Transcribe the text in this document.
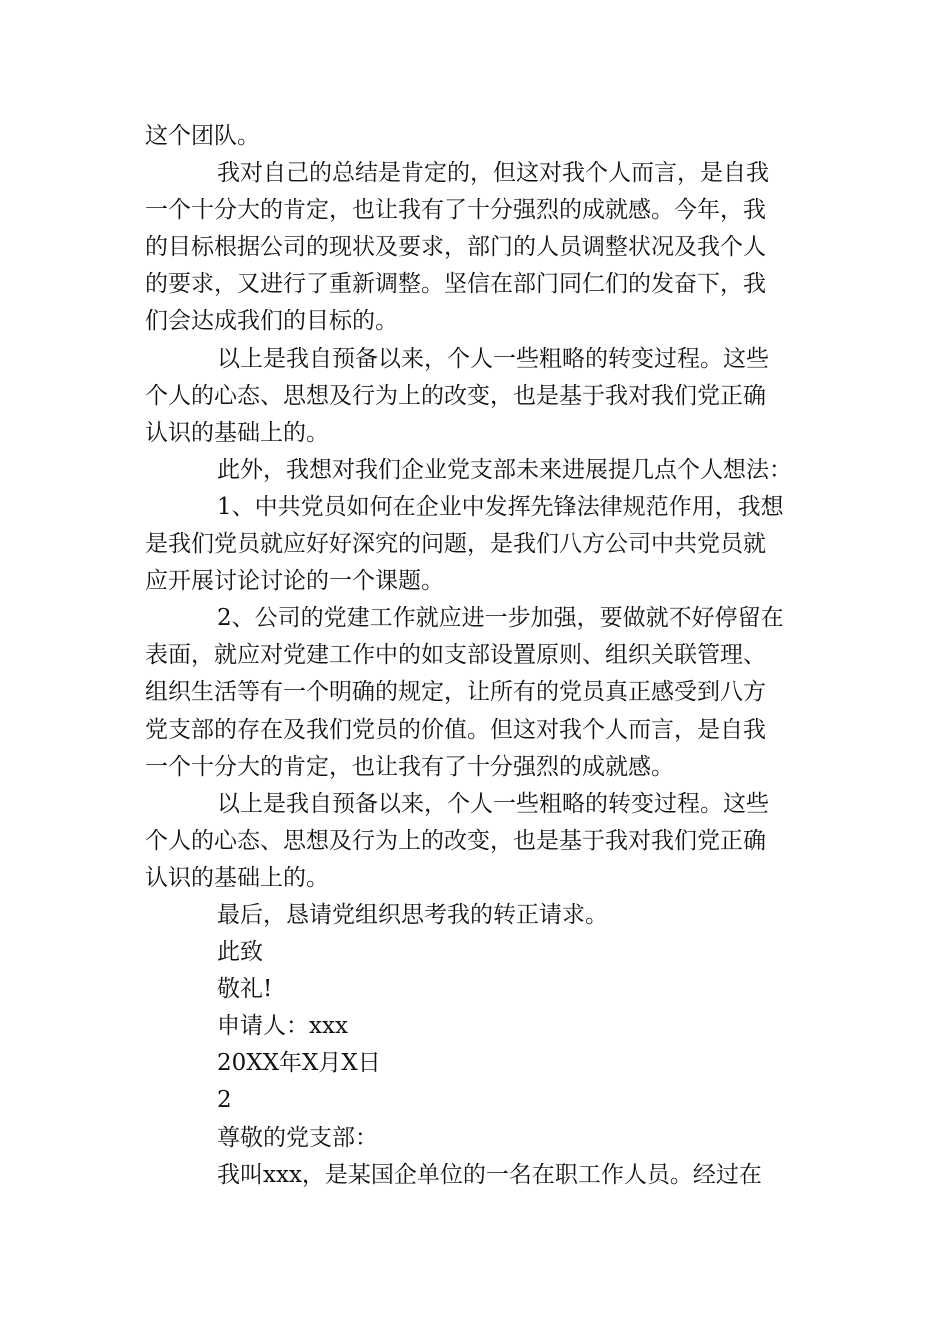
这个团队。
我对自己的总结是肯定的，但这对我个人而言，是自我
一个十分大的肯定，也让我有了十分强烈的成就感。今年，我
的目标根据公司的现状及要求，部门的人员调整状况及我个人
的要求，又进行了重新调整。坚信在部门同仁们的发奋下，我
们会达成我们的目标的。
以上是我自预备以来，个人一些粗略的转变过程。这些
个人的心态、思想及行为上的改变，也是基于我对我们党正确
认识的基础上的。
此外，我想对我们企业党支部未来进展提几点个人想法：
1、中共党员如何在企业中发挥先锋法律规范作用，我想
是我们党员就应好好深究的问题，是我们八方公司中共党员就
应开展讨论讨论的一个课题。
2、公司的党建工作就应进一步加强，要做就不好停留在
表面，就应对党建工作中的如支部设置原则、组织关联管理、
组织生活等有一个明确的规定，让所有的党员真正感受到八方
党支部的存在及我们党员的价值。但这对我个人而言，是自我
一个十分大的肯定，也让我有了十分强烈的成就感。
以上是我自预备以来，个人一些粗略的转变过程。这些
个人的心态、思想及行为上的改变，也是基于我对我们党正确
认识的基础上的。
最后，恳请党组织思考我的转正请求。
此致
敬礼!
申请人：xxx
20XX年X月X日
2
尊敬的党支部：
我叫xxx，是某国企单位的一名在职工作人员。经过在
